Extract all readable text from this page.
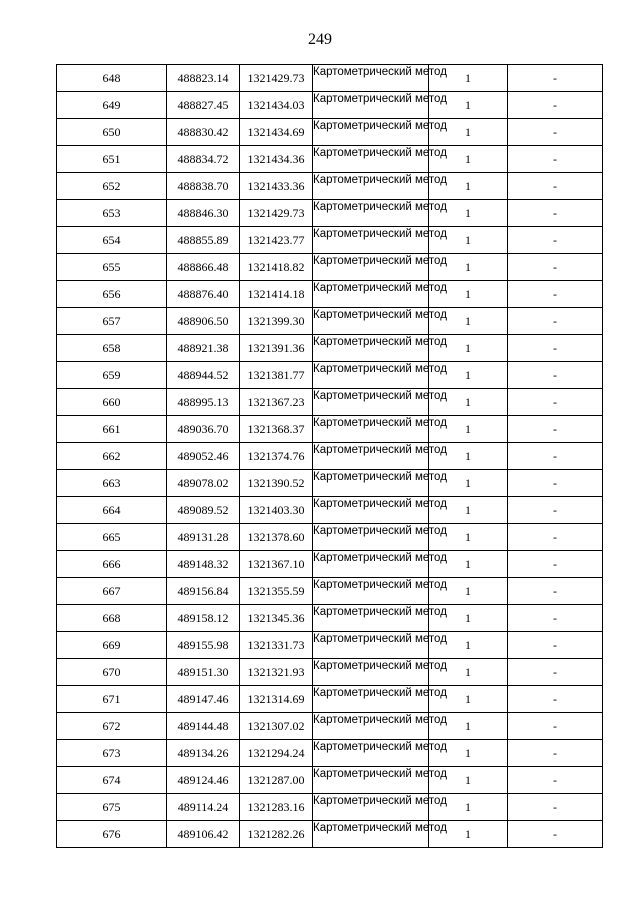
249
648	488823.14	1321429.73	Картометрический метод	1	-
649	488827.45	1321434.03	Картометрический метод	1	-
650	488830.42	1321434.69	Картометрический метод	1	-
651	488834.72	1321434.36	Картометрический метод	1	-
652	488838.70	1321433.36	Картометрический метод	1	-
653	488846.30	1321429.73	Картометрический метод	1	-
654	488855.89	1321423.77	Картометрический метод	1	-
655	488866.48	1321418.82	Картометрический метод	1	-
656	488876.40	1321414.18	Картометрический метод	1	-
657	488906.50	1321399.30	Картометрический метод	1	-
658	488921.38	1321391.36	Картометрический метод	1	-
659	488944.52	1321381.77	Картометрический метод	1	-
660	488995.13	1321367.23	Картометрический метод	1	-
661	489036.70	1321368.37	Картометрический метод	1	-
662	489052.46	1321374.76	Картометрический метод	1	-
663	489078.02	1321390.52	Картометрический метод	1	-
664	489089.52	1321403.30	Картометрический метод	1	-
665	489131.28	1321378.60	Картометрический метод	1	-
666	489148.32	1321367.10	Картометрический метод	1	-
667	489156.84	1321355.59	Картометрический метод	1	-
668	489158.12	1321345.36	Картометрический метод	1	-
669	489155.98	1321331.73	Картометрический метод	1	-
670	489151.30	1321321.93	Картометрический метод	1	-
671	489147.46	1321314.69	Картометрический метод	1	-
672	489144.48	1321307.02	Картометрический метод	1	-
673	489134.26	1321294.24	Картометрический метод	1	-
674	489124.46	1321287.00	Картометрический метод	1	-
675	489114.24	1321283.16	Картометрический метод	1	-
676	489106.42	1321282.26	Картометрический метод	1	-
